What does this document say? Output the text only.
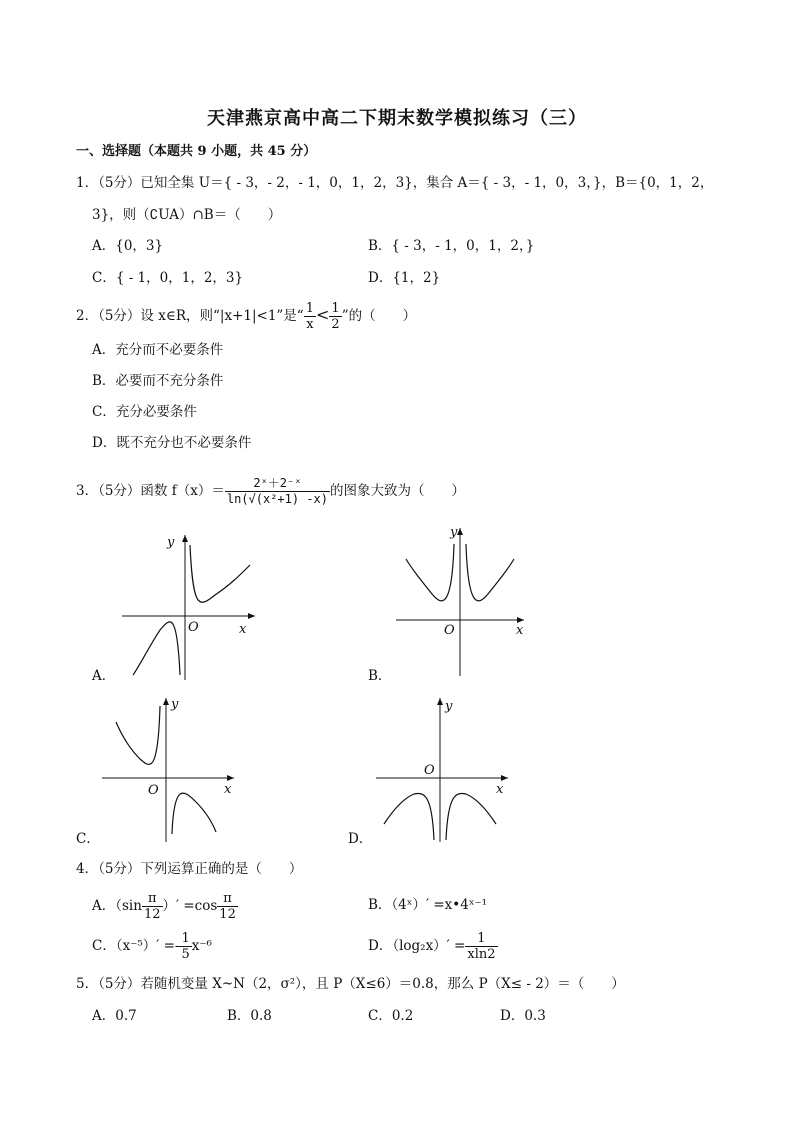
天津燕京高中高二下期末数学模拟练习（三）
一、选择题（本题共 9 小题，共 45 分）
1．（5分）已知全集 U＝{ - 3，- 2，- 1，0，1，2，3}，集合 A＝{ - 3，- 1，0，3，}，B＝{0，1，2，
3}，则（∁UA）∩B＝（　　）
A．{0，3}	B．{ - 3，- 1，0，1，2，}
C．{ - 1，0，1，2，3}	D．{1，2}
2．（5分）设 x∈R，则“|x+1|<1”是“ $\frac{1}{x} < \frac{1}{2}$ ”的（　　）
A．充分而不必要条件
B．必要而不充分条件
C．充分必要条件
D．既不充分也不必要条件
3．（5分）函数 $f(x)= \frac{\text{2ˣ＋2⁻ˣ}}{\text{ln(√(x²+1) -x)}}$ 的图象大致为（　　）
y
x
O
A．
y
x
O
B．
y
x
O
C．
y
x
O
D．
4．（5分）下列运算正确的是（　　）
A．（$\sin \frac{\pi}{12}$ ）′ $=\cos \frac{\pi}{12}$	B．（4ˣ）′ =x•4ˣ⁻¹
C．$(x^{-5})' =- \frac{1}{5} x^{-6}$	D．$(\log_2x)' = \frac{1}{xln2}$
5．（5分）若随机变量 X~N（2，σ²），且 P（X≤6）＝0.8，那么 P（X≤ - 2）＝（　　）
A．0.7	B．0.8	C．0.2	D．0.3
